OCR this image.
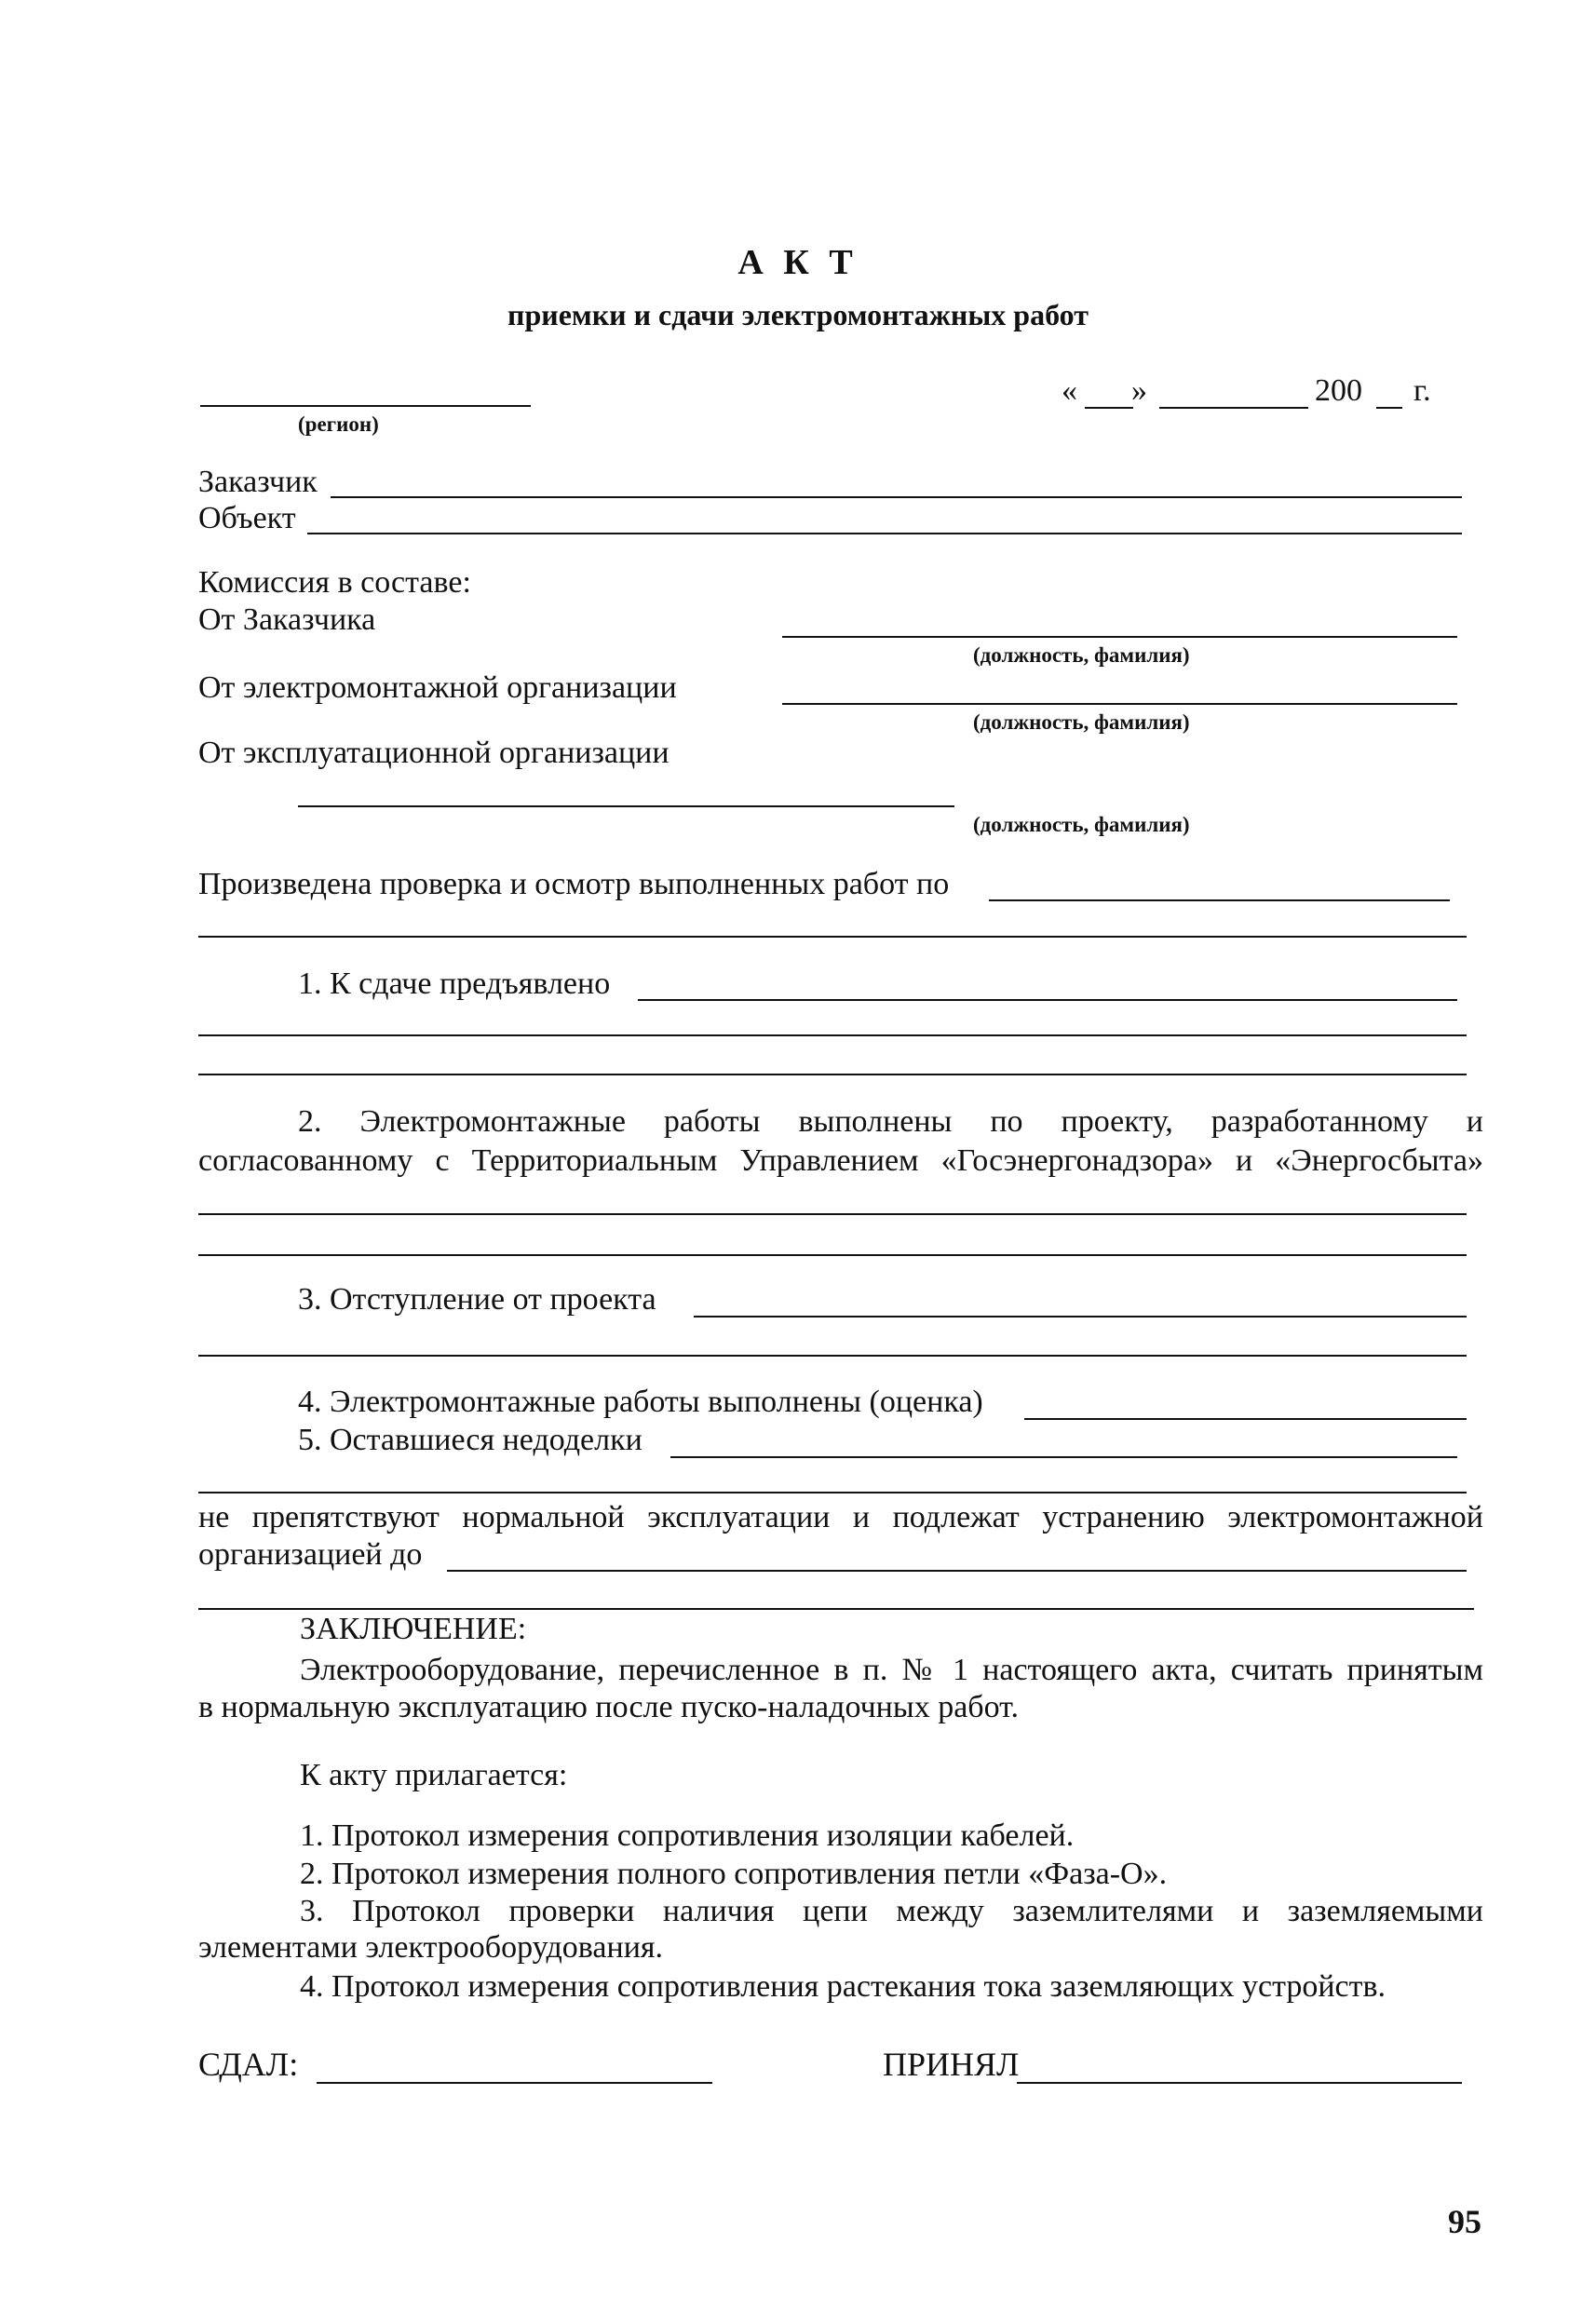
А К Т
приемки и сдачи электромонтажных работ
(регион)
« »	200 г.
Заказчик
Объект
Комиссия в составе:
От Заказчика
(должность, фамилия)
От электромонтажной организации
(должность, фамилия)
От эксплуатационной организации
(должность, фамилия)
Произведена проверка и осмотр выполненных работ по
1. К сдаче предъявлено
2. Электромонтажные работы выполнены по проекту, разработанному и
согласованному с Территориальным Управлением «Госэнергонадзора» и «Энергосбыта»
3. Отступление от проекта
4. Электромонтажные работы выполнены (оценка)
5. Оставшиеся недоделки
не препятствуют нормальной эксплуатации и подлежат устранению электромонтажной
организацией до
ЗАКЛЮЧЕНИЕ:
Электрооборудование, перечисленное в п. № 1 настоящего акта, считать принятым
в нормальную эксплуатацию после пуско-наладочных работ.
К акту прилагается:
1. Протокол измерения сопротивления изоляции кабелей.
2. Протокол измерения полного сопротивления петли «Фаза-О».
3. Протокол проверки наличия цепи между заземлителями и заземляемыми
элементами электрооборудования.
4. Протокол измерения сопротивления растекания тока заземляющих устройств.
СДАЛ:	ПРИНЯЛ
95
